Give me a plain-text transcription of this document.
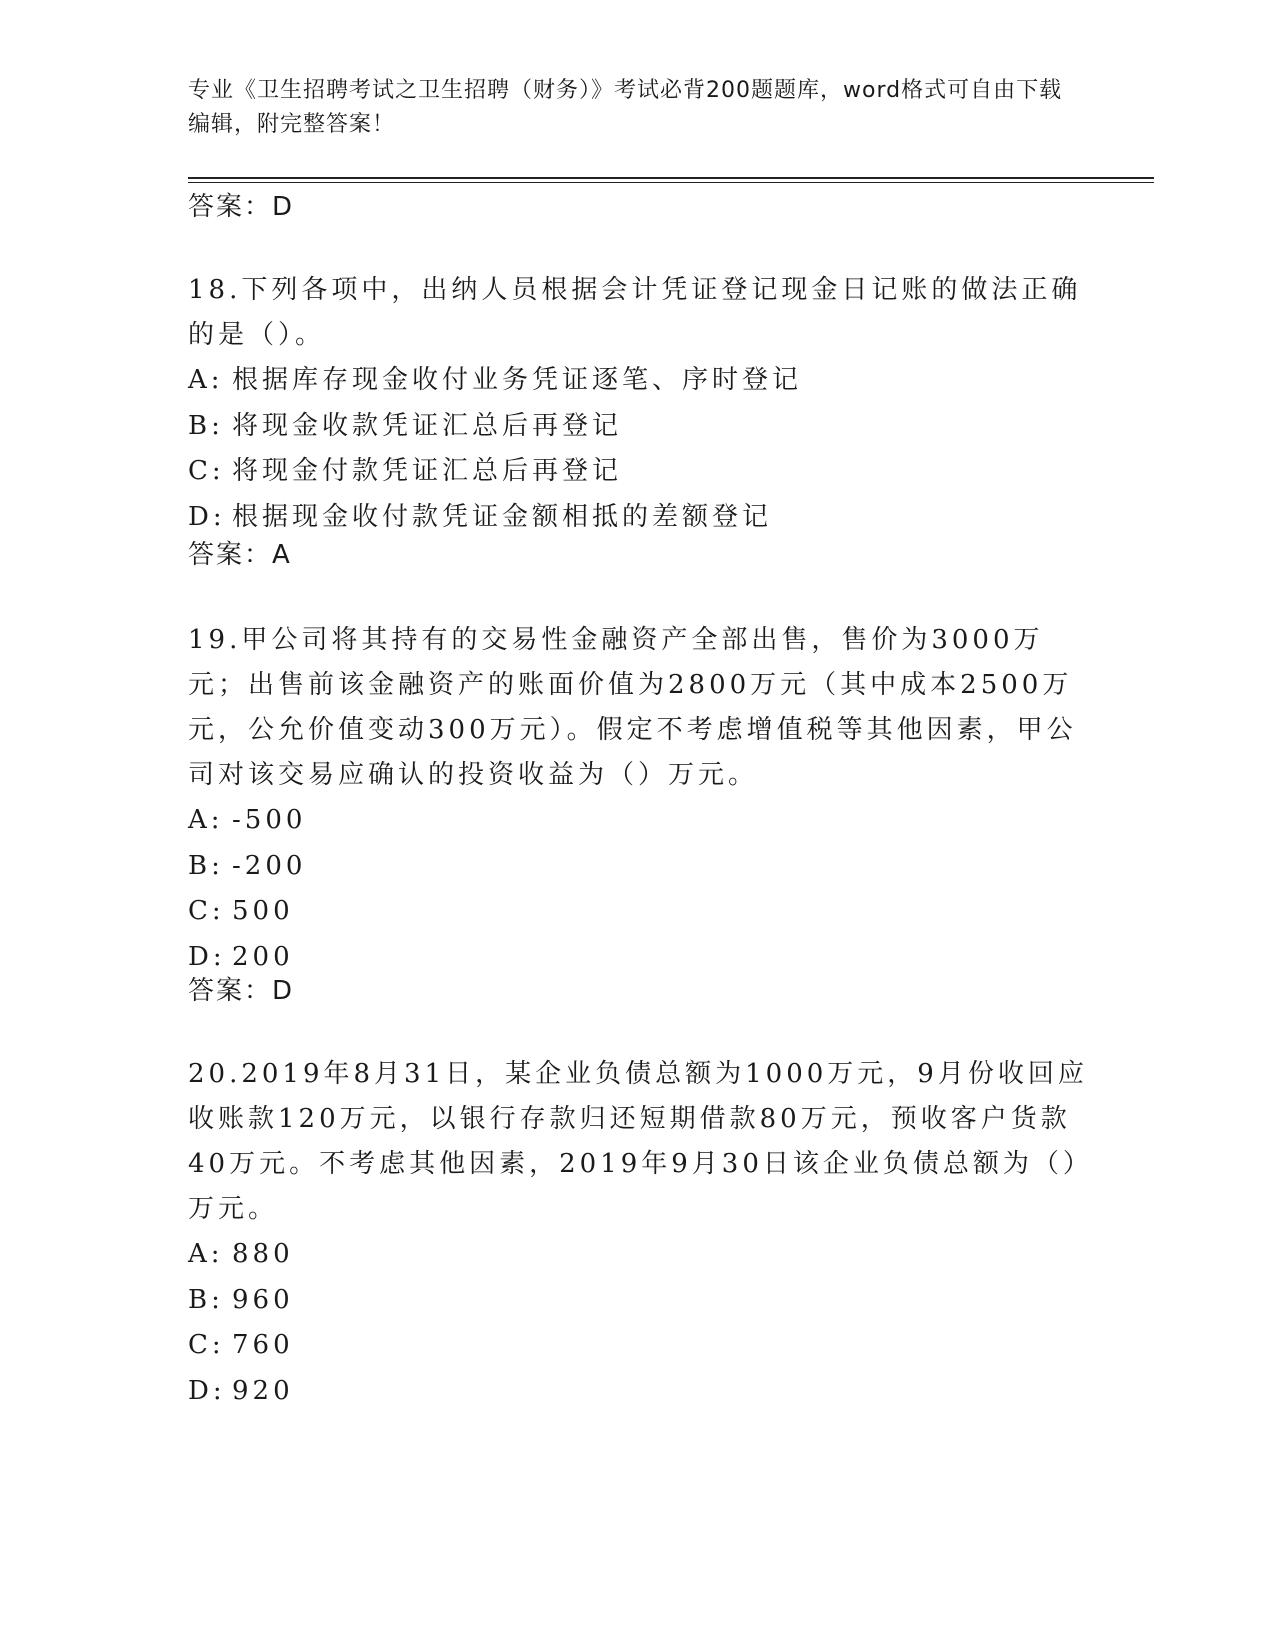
专业《卫生招聘考试之卫生招聘（财务）》考试必背200题题库，word格式可自由下载编辑，附完整答案！
答案：D

18.下列各项中，出纳人员根据会计凭证登记现金日记账的做法正确的是（）。

A: 根据库存现金收付业务凭证逐笔、序时登记
B: 将现金收款凭证汇总后再登记
C: 将现金付款凭证汇总后再登记
D: 根据现金收付款凭证金额相抵的差额登记
答案：A

19.甲公司将其持有的交易性金融资产全部出售，售价为3000万元；出售前该金融资产的账面价值为2800万元（其中成本2500万元，公允价值变动300万元）。假定不考虑增值税等其他因素，甲公司对该交易应确认的投资收益为（）万元。

A: -500
B: -200
C: 500
D: 200
答案：D

20.2019年8月31日，某企业负债总额为1000万元，9月份收回应收账款120万元，以银行存款归还短期借款80万元，预收客户货款40万元。不考虑其他因素，2019年9月30日该企业负债总额为（）万元。

A: 880
B: 960
C: 760
D: 920
